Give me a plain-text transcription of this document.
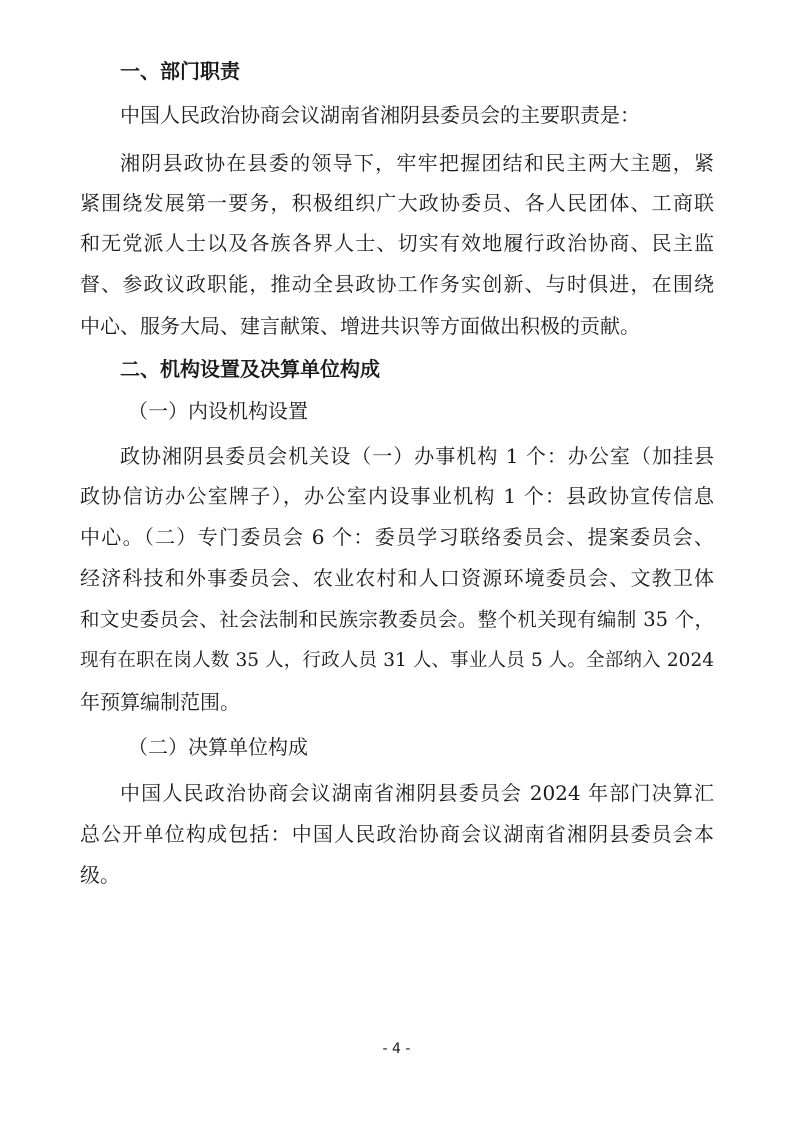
一、部门职责
中国人民政治协商会议湖南省湘阴县委员会的主要职责是：
湘阴县政协在县委的领导下，牢牢把握团结和民主两大主题，紧
紧围绕发展第一要务，积极组织广大政协委员、各人民团体、工商联
和无党派人士以及各族各界人士、切实有效地履行政治协商、民主监
督、参政议政职能，推动全县政协工作务实创新、与时俱进，在围绕
中心、服务大局、建言献策、增进共识等方面做出积极的贡献。
二、机构设置及决算单位构成
（一）内设机构设置
政协湘阴县委员会机关设（一）办事机构 1 个：办公室（加挂县
政协信访办公室牌子），办公室内设事业机构 1 个：县政协宣传信息
中心。（二）专门委员会 6 个：委员学习联络委员会、提案委员会、
经济科技和外事委员会、农业农村和人口资源环境委员会、文教卫体
和文史委员会、社会法制和民族宗教委员会。整个机关现有编制 35 个，
现有在职在岗人数 35 人，行政人员 31 人、事业人员 5 人。全部纳入 2024
年预算编制范围。
（二）决算单位构成
中国人民政治协商会议湖南省湘阴县委员会 2024 年部门决算汇
总公开单位构成包括：中国人民政治协商会议湖南省湘阴县委员会本
级。
- 4 -
